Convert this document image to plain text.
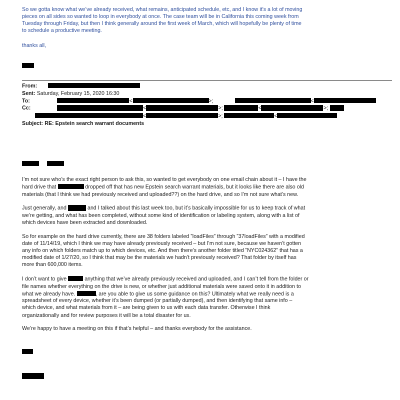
So we gotta know what we’ve already received, what remains, anticipated schedule, etc, and I know it’s a lot of moving
pieces on all sides so wanted to loop in everybody at once. The case team will be in California this coming week from
Tuesday through Friday, but then I think generally around the first week of March, which will hopefully be plenty of time
to schedule a productive meeting.

thanks all,

From:
Sent: Saturday, February 15, 2020 16:30
To:	<	>;	<
Cc:	<	>;	<	>;
<	>;	<
Subject: RE: Epstein search warrant documents

I’m not sure who’s the exact right person to ask this, so wanted to get everybody on one email chain about it – I have the
hard drive that	dropped off that has new Epstein search warrant materials, but it looks like there are also old
materials (that I think we had previously received and uploaded??) on the hard drive, and so I’m not sure what’s new.

Just generally, and	and I talked about this last week too, but it’s basically impossible for us to keep track of what
we’re getting, and what has been completed, without some kind of identification or labeling system, along with a list of
which devices have been extracted and downloaded.

So for example on the hard drive currently, there are 38 folders labeled “loadFiles” through “37loadFiles” with a modified
date of 11/14/19, which I think we may have already previously received – but I’m not sure, because we haven’t gotten
any info on which folders match up to which devices, etc. And then there’s another folder titled “NYC024362” that has a
modified date of 1/27/20, so I think that may be the materials we hadn’t previously received? That folder by itself has
more than 600,000 items.

I don’t want to give	anything that we’ve already previously received and uploaded, and I can’t tell from the folder or
file names whether everything on the drive is new, or whether just additional materials were saved onto it in addition to
what we already have.	, are you able to give us some guidance on this? Ultimately what we really need is a
spreadsheet of every device, whether it’s been dumped (or partially dumped), and then identifying that same info –
which device, and what materials from it – are being given to us with each data transfer. Otherwise I think
organizationally and for review purposes it will be a total disaster for us.

We’re happy to have a meeting on this if that’s helpful – and thanks everybody for the assistance.
